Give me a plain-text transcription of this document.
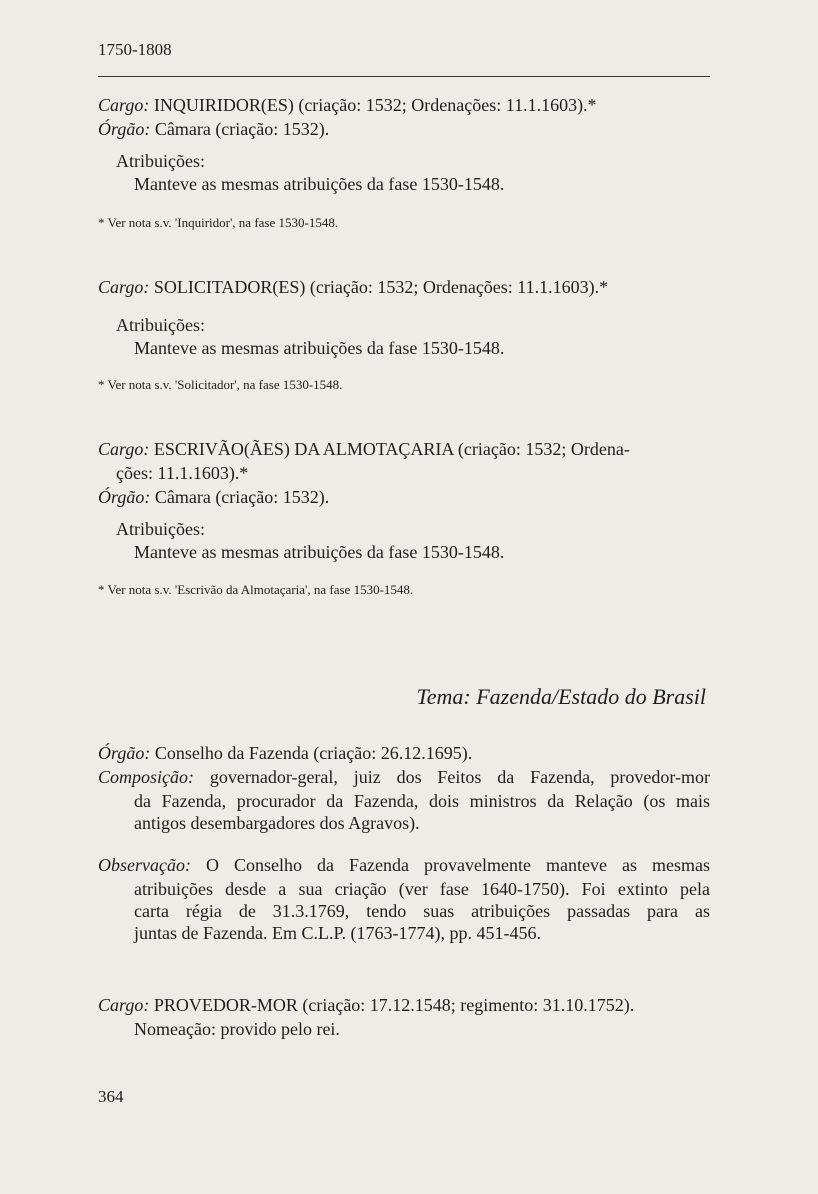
1750-1808
Cargo: INQUIRIDOR(ES) (criação: 1532; Ordenações: 11.1.1603).*
Órgão: Câmara (criação: 1532).
Atribuições:
Manteve as mesmas atribuições da fase 1530-1548.
* Ver nota s.v. 'Inquiridor', na fase 1530-1548.
Cargo: SOLICITADOR(ES) (criação: 1532; Ordenações: 11.1.1603).*
Atribuições:
Manteve as mesmas atribuições da fase 1530-1548.
* Ver nota s.v. 'Solicitador', na fase 1530-1548.
Cargo: ESCRIVÃO(ÃES) DA ALMOTAÇARIA (criação: 1532; Ordena-
ções: 11.1.1603).*
Órgão: Câmara (criação: 1532).
Atribuições:
Manteve as mesmas atribuições da fase 1530-1548.
* Ver nota s.v. 'Escrivão da Almotaçaria', na fase 1530-1548.
Tema: Fazenda/Estado do Brasil
Órgão: Conselho da Fazenda (criação: 26.12.1695).
Composição: governador-geral, juiz dos Feitos da Fazenda, provedor-mor
da Fazenda, procurador da Fazenda, dois ministros da Relação (os mais
antigos desembargadores dos Agravos).
Observação: O Conselho da Fazenda provavelmente manteve as mesmas
atribuições desde a sua criação (ver fase 1640-1750). Foi extinto pela
carta régia de 31.3.1769, tendo suas atribuições passadas para as
juntas de Fazenda. Em C.L.P. (1763-1774), pp. 451-456.
Cargo: PROVEDOR-MOR (criação: 17.12.1548; regimento: 31.10.1752).
Nomeação: provido pelo rei.
364
